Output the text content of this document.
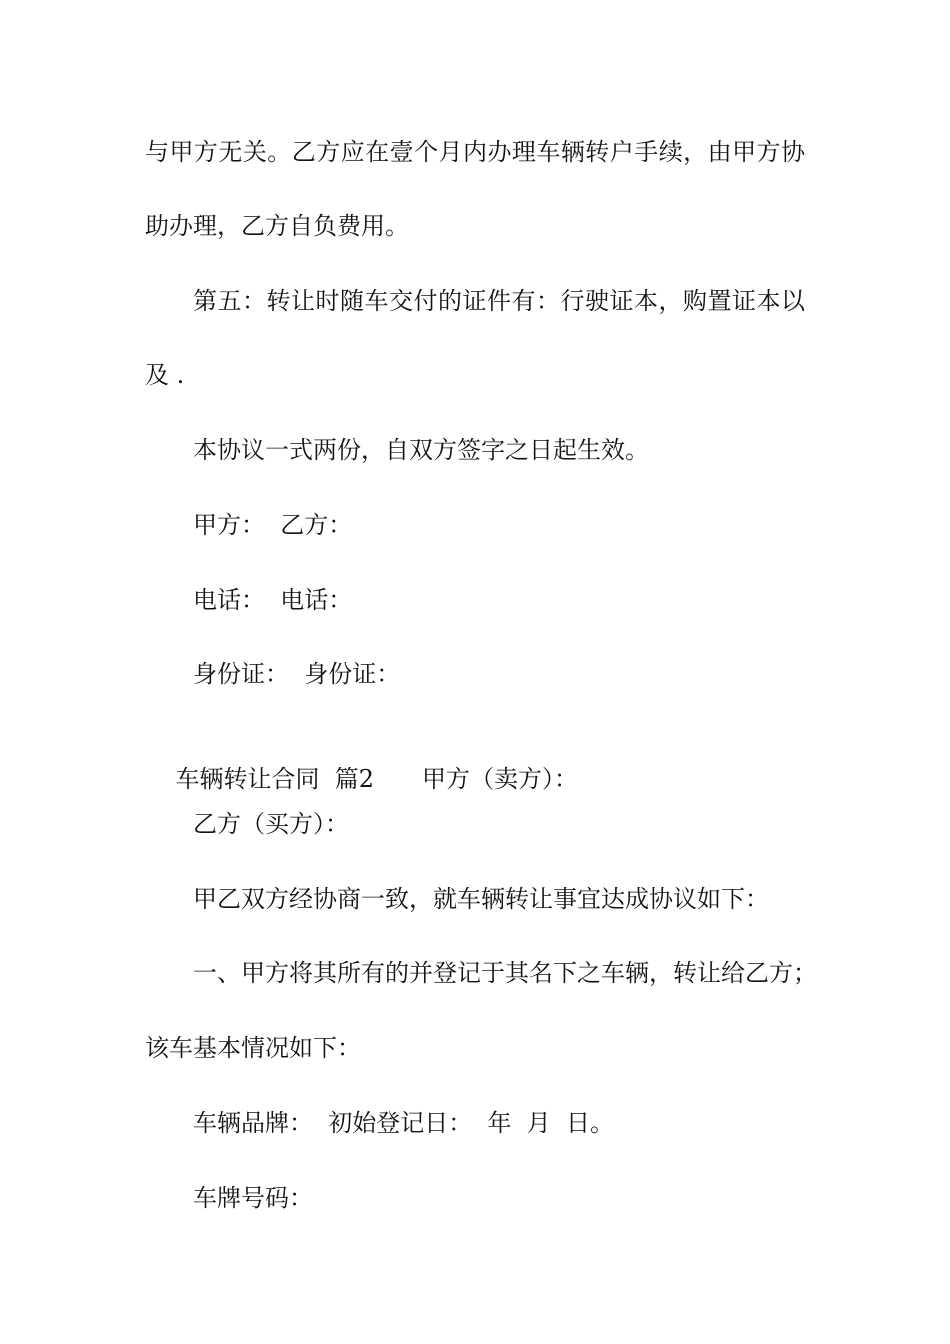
与甲方无关。乙方应在壹个月内办理车辆转户手续，由甲方协
助办理，乙方自负费用。
第五：转让时随车交付的证件有：行驶证本，购置证本以
及 .
本协议一式两份，自双方签字之日起生效。
甲方：  乙方：
电话：  电话：
身份证：  身份证：

车辆转让合同  篇2 甲方（卖方）：

乙方（买方）：
甲乙双方经协商一致，就车辆转让事宜达成协议如下：
一、甲方将其所有的并登记于其名下之车辆，转让给乙方；
该车基本情况如下：
车辆品牌：  初始登记日：  年  月  日。
车牌号码：
